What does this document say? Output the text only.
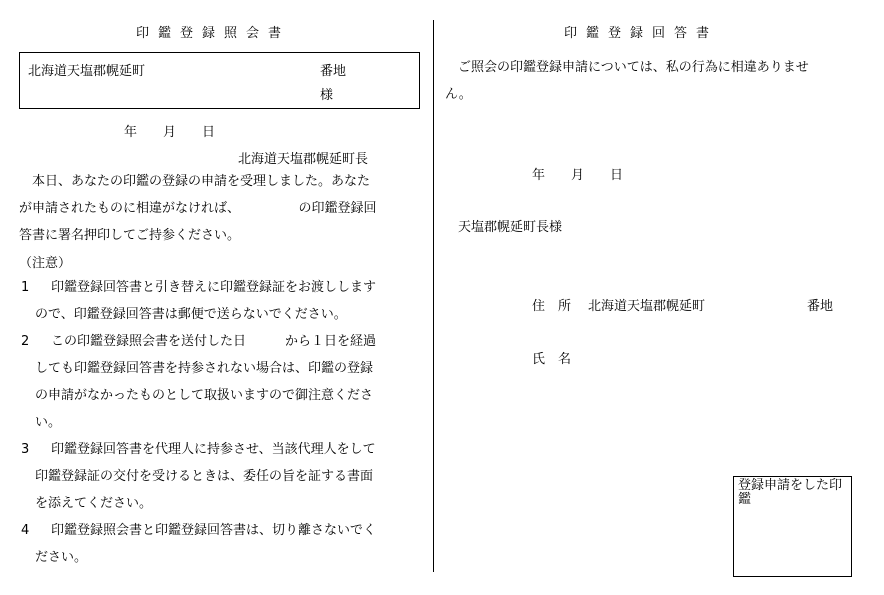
印鑑登録照会書
北海道天塩郡幌延町	番地
様
年　　月　　日
北海道天塩郡幌延町長
本日、あなたの印鑑の登録の申請を受理しました。あなた
が申請されたものに相違がなければ、　　　　　の印鑑登録回
答書に署名押印してご持参ください。
（注意）
1	印鑑登録回答書と引き替えに印鑑登録証をお渡しします
ので、印鑑登録回答書は郵便で送らないでください。
2	この印鑑登録照会書を送付した日　　　から１日を経過
しても印鑑登録回答書を持参されない場合は、印鑑の登録
の申請がなかったものとして取扱いますので御注意くださ
い。
3	印鑑登録回答書を代理人に持参させ、当該代理人をして
印鑑登録証の交付を受けるときは、委任の旨を証する書面
を添えてください。
4	印鑑登録照会書と印鑑登録回答書は、切り離さないでく
ださい。
印鑑登録回答書
ご照会の印鑑登録申請については、私の行為に相違ありませ
ん。
年　　月　　日
天塩郡幌延町長様
住　所 北海道天塩郡幌延町	番地
氏　名
登録申請をした印鑑
